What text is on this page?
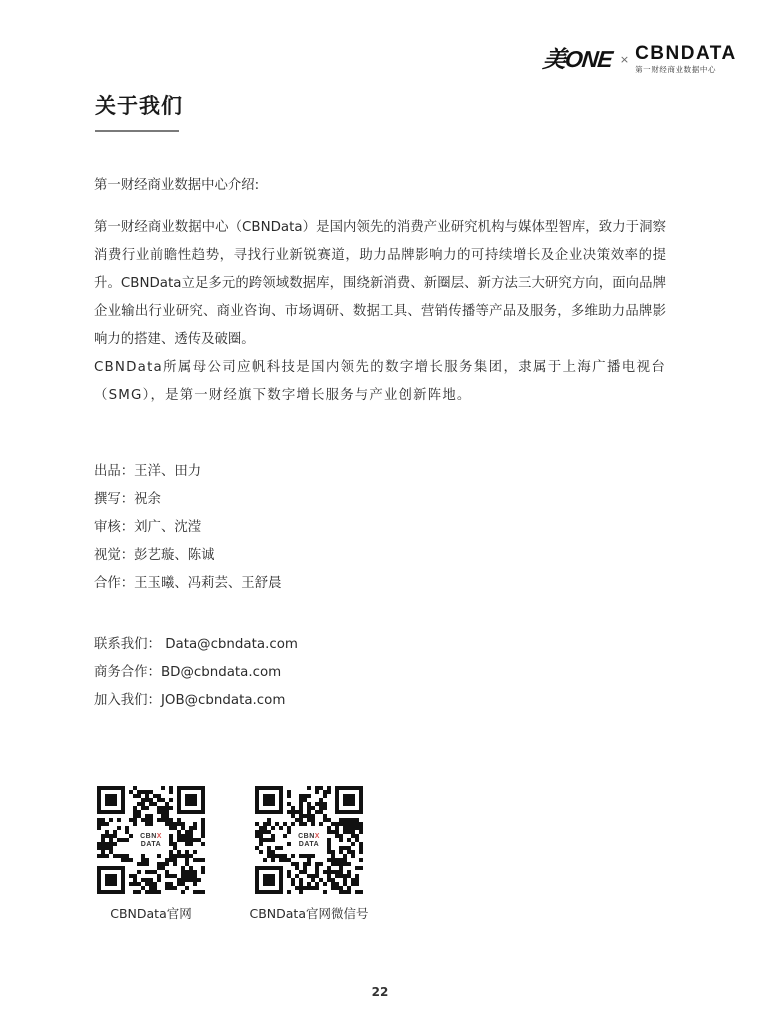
美ONE × CBNDATA
第一财经商业数据中心
关于我们
第一财经商业数据中心介绍:

第一财经商业数据中心（CBNData）是国内领先的消费产业研究机构与媒体型智库，致力于洞察消费行业前瞻性趋势，寻找行业新锐赛道，助力品牌影响力的可持续增长及企业决策效率的提升。CBNData立足多元的跨领域数据库，围绕新消费、新圈层、新方法三大研究方向，面向品牌企业输出行业研究、商业咨询、市场调研、数据工具、营销传播等产品及服务，多维助力品牌影响力的搭建、透传及破圈。

CBNData所属母公司应帆科技是国内领先的数字增长服务集团，隶属于上海广播电视台（SMG），是第一财经旗下数字增长服务与产业创新阵地。

出品：王洋、田力
撰写：祝余
审核：刘广、沈滢
视觉：彭艺璇、陈诚
合作：王玉曦、冯莉芸、王舒晨
联系我们： Data@cbndata.com
商务合作：BD@cbndata.com
加入我们：JOB@cbndata.com
CBNX
DATA
CBNData官网
CBNX
DATA
CBNData官网微信号
22
